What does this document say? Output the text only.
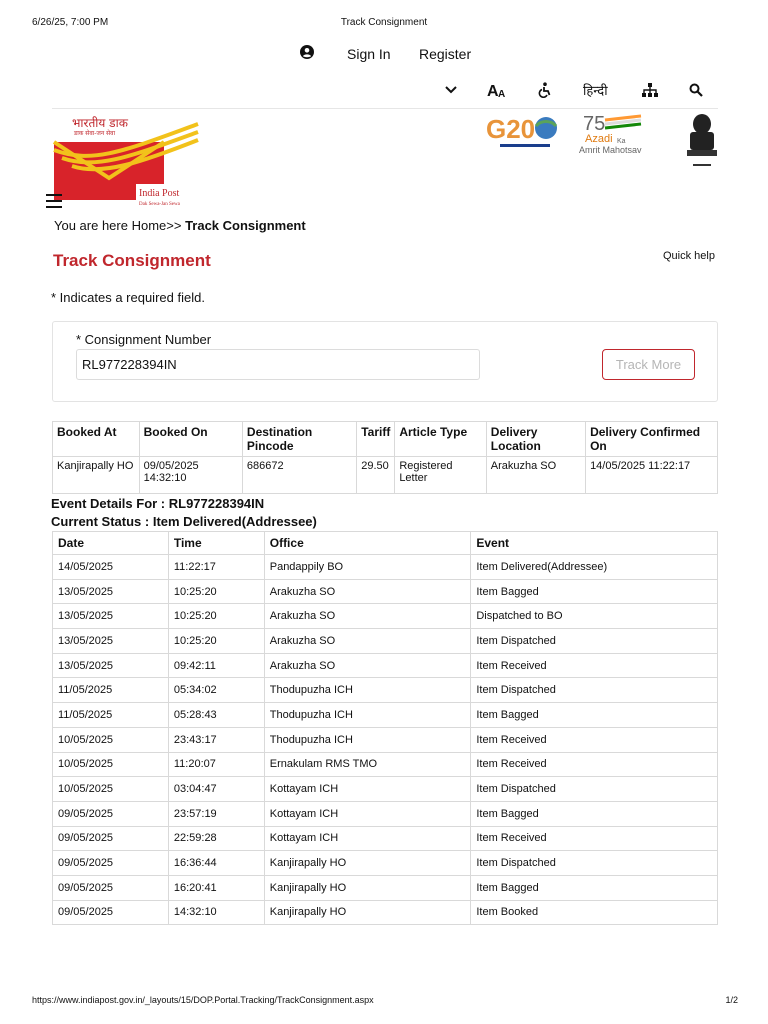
6/26/25, 7:00 PM	Track Consignment
Sign In Register
A A	हिन्दी
भारतीय डाक
डाक सेवा-जन सेवा
India Post
Dak Sewa-Jan Sewa
G20 75
Azadi Ka
Amrit Mahotsav
You are here Home>> Track Consignment
Track Consignment	Quick help
* Indicates a required field.
* Consignment Number
RL977228394IN
Track More
Booked At	Booked On	Destination Pincode	Tariff	Article Type	Delivery Location	Delivery Confirmed On
Kanjirapally HO	09/05/2025 14:32:10	686672	29.50	Registered Letter	Arakuzha SO	14/05/2025 11:22:17
Event Details For : RL977228394IN
Current Status : Item Delivered(Addressee)
Date	Time	Office	Event
14/05/2025	11:22:17	Pandappily BO	Item Delivered(Addressee)
13/05/2025	10:25:20	Arakuzha SO	Item Bagged
13/05/2025	10:25:20	Arakuzha SO	Dispatched to BO
13/05/2025	10:25:20	Arakuzha SO	Item Dispatched
13/05/2025	09:42:11	Arakuzha SO	Item Received
11/05/2025	05:34:02	Thodupuzha ICH	Item Dispatched
11/05/2025	05:28:43	Thodupuzha ICH	Item Bagged
10/05/2025	23:43:17	Thodupuzha ICH	Item Received
10/05/2025	11:20:07	Ernakulam RMS TMO	Item Received
10/05/2025	03:04:47	Kottayam ICH	Item Dispatched
09/05/2025	23:57:19	Kottayam ICH	Item Bagged
09/05/2025	22:59:28	Kottayam ICH	Item Received
09/05/2025	16:36:44	Kanjirapally HO	Item Dispatched
09/05/2025	16:20:41	Kanjirapally HO	Item Bagged
09/05/2025	14:32:10	Kanjirapally HO	Item Booked
https://www.indiapost.gov.in/_layouts/15/DOP.Portal.Tracking/TrackConsignment.aspx	1/2
